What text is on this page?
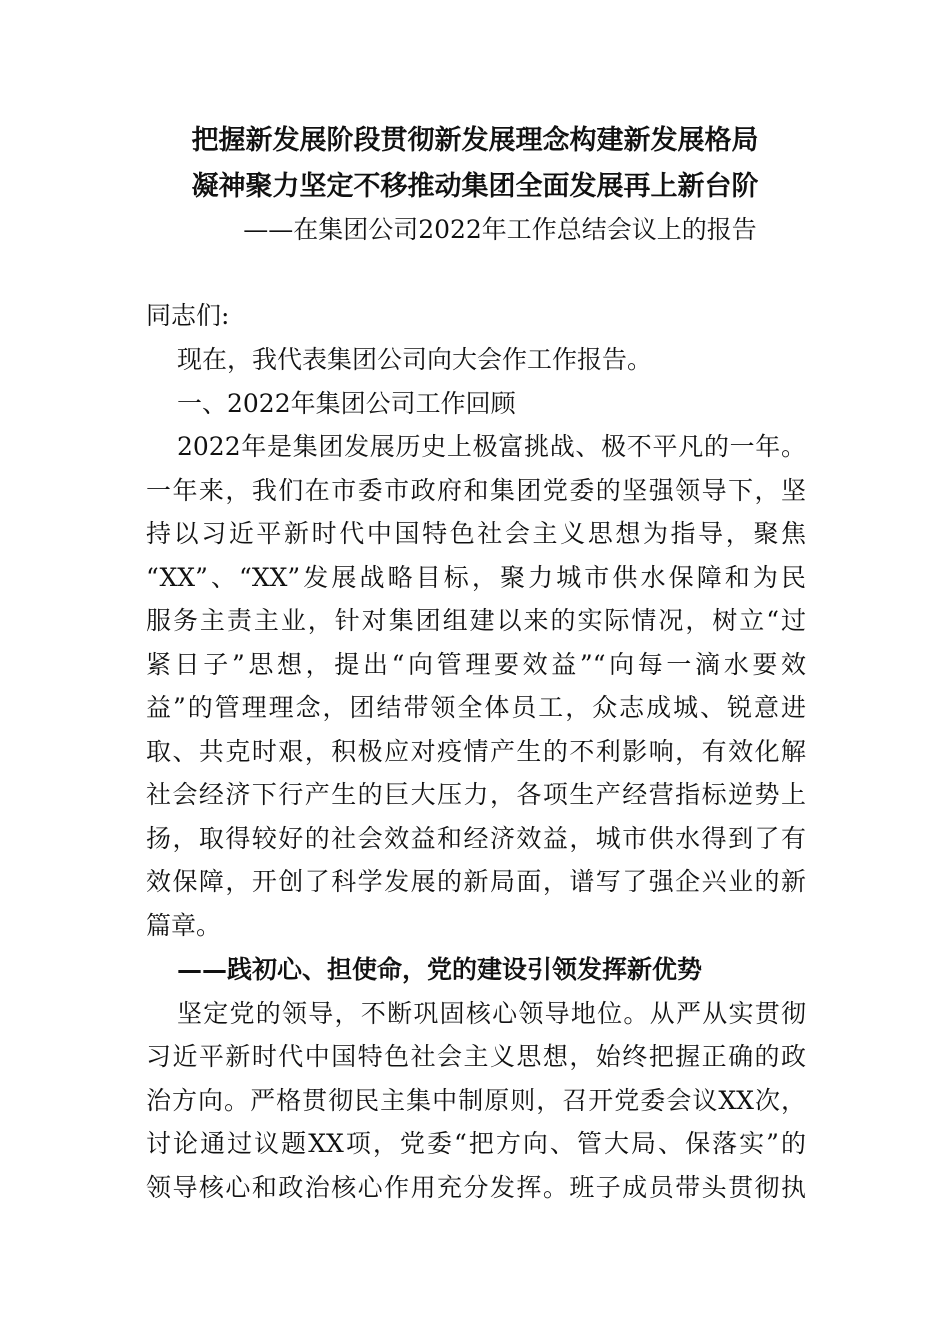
把握新发展阶段贯彻新发展理念构建新发展格局
凝神聚力坚定不移推动集团全面发展再上新台阶
——在集团公司2022年工作总结会议上的报告
同志们:
现在，我代表集团公司向大会作工作报告。
一、2022年集团公司工作回顾
2022年是集团发展历史上极富挑战、极不平凡的一年。
一年来，我们在市委市政府和集团党委的坚强领导下，坚
持以习近平新时代中国特色社会主义思想为指导，聚焦
“XX”、“XX”发展战略目标，聚力城市供水保障和为民
服务主责主业，针对集团组建以来的实际情况，树立“过
紧日子”思想，提出“向管理要效益”“向每一滴水要效
益”的管理理念，团结带领全体员工，众志成城、锐意进
取、共克时艰，积极应对疫情产生的不利影响，有效化解
社会经济下行产生的巨大压力，各项生产经营指标逆势上
扬，取得较好的社会效益和经济效益，城市供水得到了有
效保障，开创了科学发展的新局面，谱写了强企兴业的新
篇章。
——践初心、担使命，党的建设引领发挥新优势
坚定党的领导，不断巩固核心领导地位。从严从实贯彻
习近平新时代中国特色社会主义思想，始终把握正确的政
治方向。严格贯彻民主集中制原则，召开党委会议XX次，
讨论通过议题XX项，党委“把方向、管大局、保落实”的
领导核心和政治核心作用充分发挥。班子成员带头贯彻执
